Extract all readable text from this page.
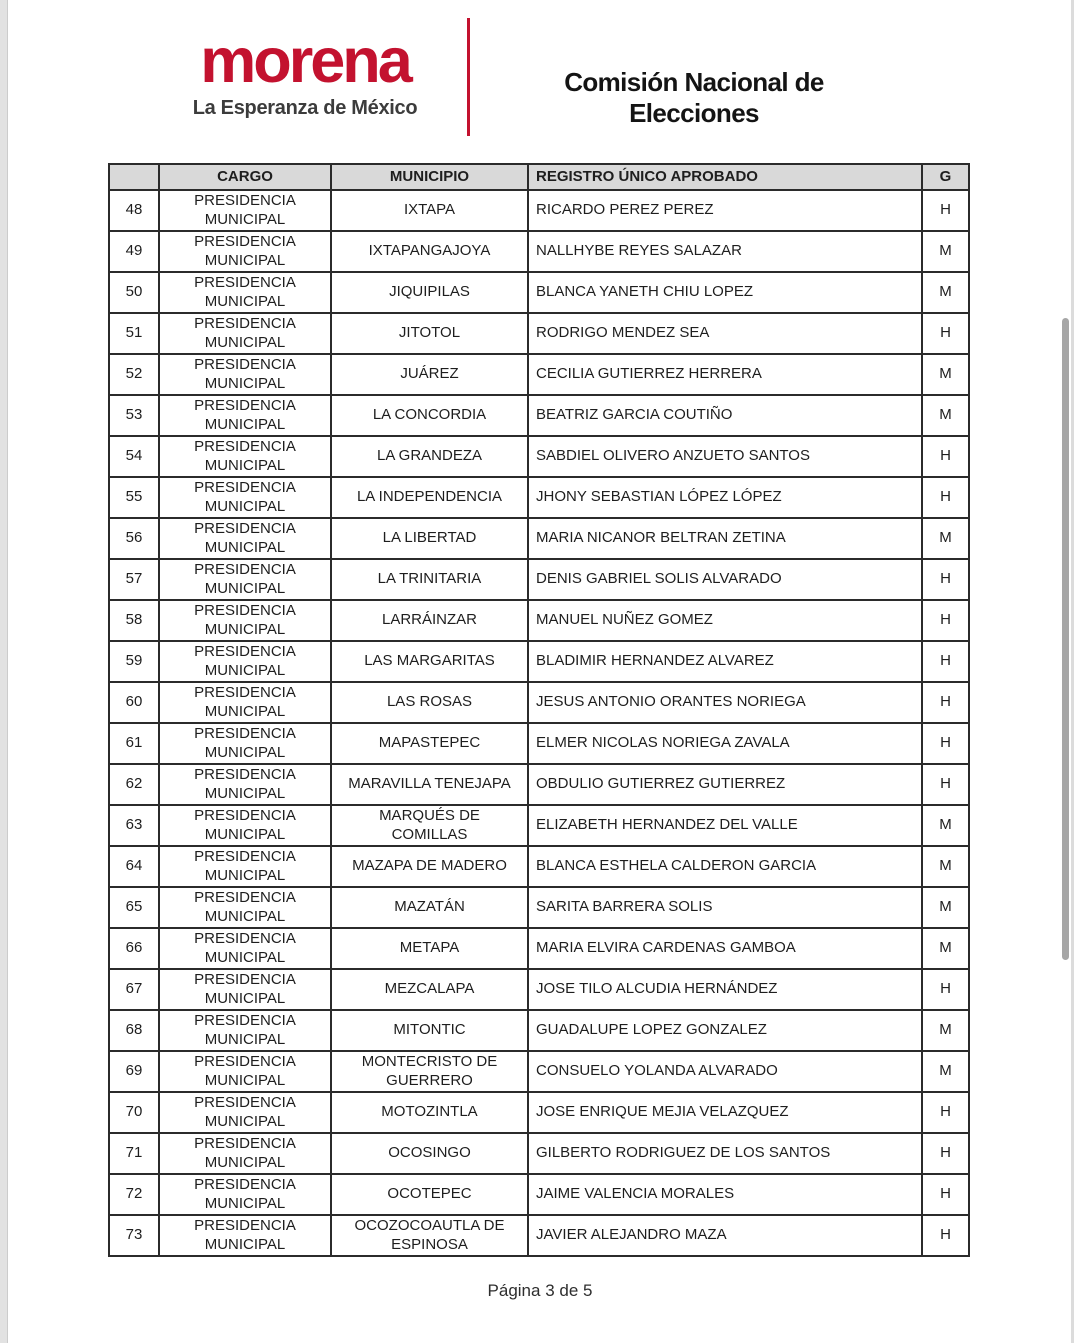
morena
La Esperanza de México
Comisión Nacional de Elecciones
	CARGO	MUNICIPIO	REGISTRO ÚNICO APROBADO	G
48	PRESIDENCIA MUNICIPAL	IXTAPA	RICARDO PEREZ PEREZ	H
49	PRESIDENCIA MUNICIPAL	IXTAPANGAJOYA	NALLHYBE REYES SALAZAR	M
50	PRESIDENCIA MUNICIPAL	JIQUIPILAS	BLANCA YANETH CHIU LOPEZ	M
51	PRESIDENCIA MUNICIPAL	JITOTOL	RODRIGO MENDEZ SEA	H
52	PRESIDENCIA MUNICIPAL	JUÁREZ	CECILIA GUTIERREZ HERRERA	M
53	PRESIDENCIA MUNICIPAL	LA CONCORDIA	BEATRIZ GARCIA COUTIÑO	M
54	PRESIDENCIA MUNICIPAL	LA GRANDEZA	SABDIEL OLIVERO ANZUETO SANTOS	H
55	PRESIDENCIA MUNICIPAL	LA INDEPENDENCIA	JHONY SEBASTIAN LÓPEZ LÓPEZ	H
56	PRESIDENCIA MUNICIPAL	LA LIBERTAD	MARIA NICANOR BELTRAN ZETINA	M
57	PRESIDENCIA MUNICIPAL	LA TRINITARIA	DENIS GABRIEL SOLIS ALVARADO	H
58	PRESIDENCIA MUNICIPAL	LARRÁINZAR	MANUEL NUÑEZ GOMEZ	H
59	PRESIDENCIA MUNICIPAL	LAS MARGARITAS	BLADIMIR HERNANDEZ ALVAREZ	H
60	PRESIDENCIA MUNICIPAL	LAS ROSAS	JESUS ANTONIO ORANTES NORIEGA	H
61	PRESIDENCIA MUNICIPAL	MAPASTEPEC	ELMER NICOLAS NORIEGA ZAVALA	H
62	PRESIDENCIA MUNICIPAL	MARAVILLA TENEJAPA	OBDULIO GUTIERREZ GUTIERREZ	H
63	PRESIDENCIA MUNICIPAL	MARQUÉS DE COMILLAS	ELIZABETH HERNANDEZ DEL VALLE	M
64	PRESIDENCIA MUNICIPAL	MAZAPA DE MADERO	BLANCA ESTHELA CALDERON GARCIA	M
65	PRESIDENCIA MUNICIPAL	MAZATÁN	SARITA BARRERA SOLIS	M
66	PRESIDENCIA MUNICIPAL	METAPA	MARIA ELVIRA CARDENAS GAMBOA	M
67	PRESIDENCIA MUNICIPAL	MEZCALAPA	JOSE TILO ALCUDIA HERNÁNDEZ	H
68	PRESIDENCIA MUNICIPAL	MITONTIC	GUADALUPE LOPEZ GONZALEZ	M
69	PRESIDENCIA MUNICIPAL	MONTECRISTO DE GUERRERO	CONSUELO YOLANDA ALVARADO	M
70	PRESIDENCIA MUNICIPAL	MOTOZINTLA	JOSE ENRIQUE MEJIA VELAZQUEZ	H
71	PRESIDENCIA MUNICIPAL	OCOSINGO	GILBERTO RODRIGUEZ DE LOS SANTOS	H
72	PRESIDENCIA MUNICIPAL	OCOTEPEC	JAIME VALENCIA MORALES	H
73	PRESIDENCIA MUNICIPAL	OCOZOCOAUTLA DE ESPINOSA	JAVIER ALEJANDRO MAZA	H
Página 3 de 5
